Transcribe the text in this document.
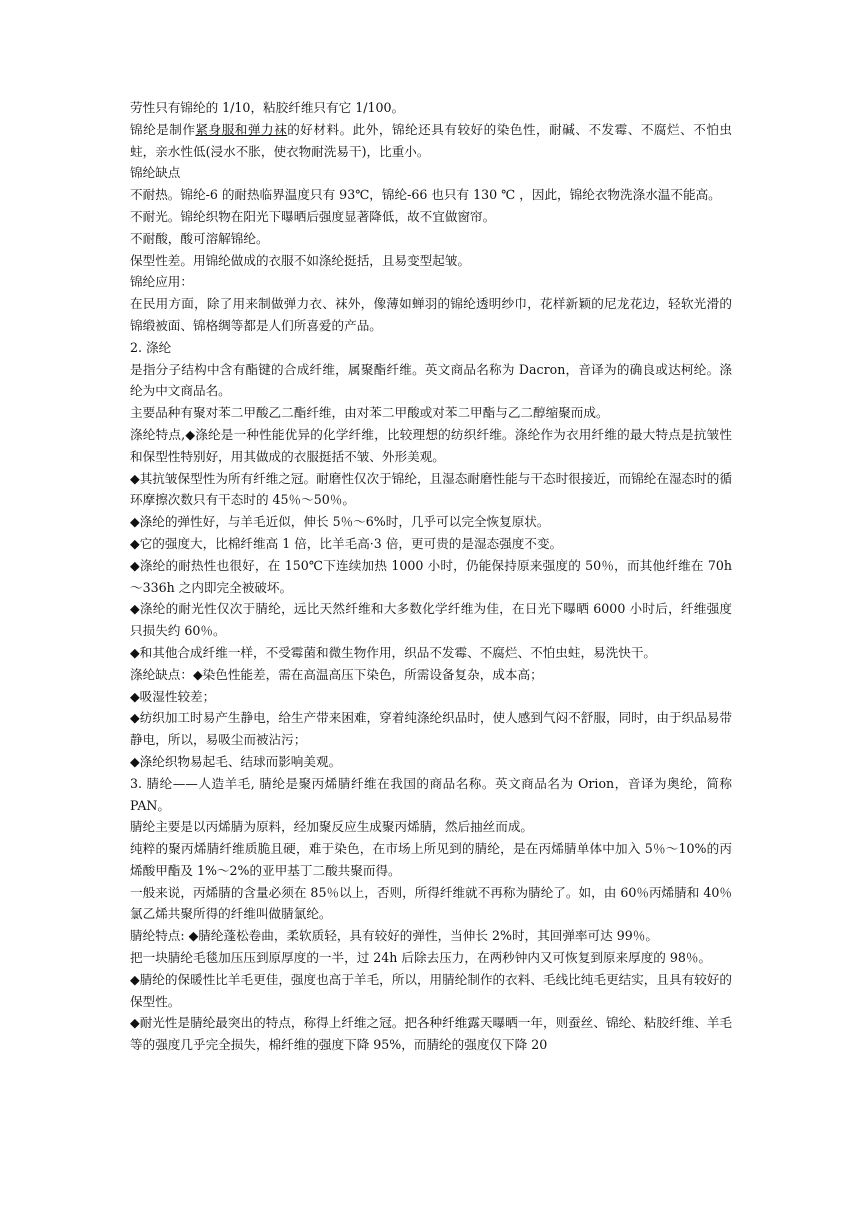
劳性只有锦纶的 1/10，粘胶纤维只有它 1/100。

锦纶是制作紧身服和弹力袜的好材料。此外，锦纶还具有较好的染色性，耐碱、不发霉、不腐烂、不怕虫蛀，亲水性低(浸水不胀，使衣物耐洗易干)，比重小。

锦纶缺点

不耐热。锦纶-6 的耐热临界温度只有 93℃，锦纶-66 也只有 130 ℃ ，因此，锦纶衣物洗涤水温不能高。

不耐光。锦纶织物在阳光下曝晒后强度显著降低，故不宜做窗帘。

不耐酸，酸可溶解锦纶。

保型性差。用锦纶做成的衣服不如涤纶挺括，且易变型起皱。

锦纶应用：

在民用方面，除了用来制做弹力衣、袜外，像薄如蝉羽的锦纶透明纱巾，花样新颖的尼龙花边，轻软光滑的锦缎被面、锦格绸等都是人们所喜爱的产品。

2. 涤纶

是指分子结构中含有酯键的合成纤维，属聚酯纤维。英文商品名称为 Dacron，音译为的确良或达柯纶。涤纶为中文商品名。

主要品种有聚对苯二甲酸乙二酯纤维，由对苯二甲酸或对苯二甲酯与乙二醇缩聚而成。

涤纶特点,◆涤纶是一种性能优异的化学纤维，比较理想的纺织纤维。涤纶作为衣用纤维的最大特点是抗皱性和保型性特别好，用其做成的衣服挺括不皱、外形美观。

◆其抗皱保型性为所有纤维之冠。耐磨性仅次于锦纶，且湿态耐磨性能与干态时很接近，而锦纶在湿态时的循环摩擦次数只有干态时的 45％～50％。

◆涤纶的弹性好，与羊毛近似，伸长 5％～6%时，几乎可以完全恢复原状。

◆它的强度大，比棉纤维高 1 倍，比羊毛高·3 倍，更可贵的是湿态强度不变。

◆涤纶的耐热性也很好，在 150℃下连续加热 1000 小时，仍能保持原来强度的 50％，而其他纤维在 70h～336h 之内即完全被破坏。

◆涤纶的耐光性仅次于腈纶，远比天然纤维和大多数化学纤维为佳，在日光下曝晒 6000 小时后，纤维强度只损失约 60％。

◆和其他合成纤维一样，不受霉菌和微生物作用，织品不发霉、不腐烂、不怕虫蛀，易洗快干。

涤纶缺点：◆染色性能差，需在高温高压下染色，所需设备复杂，成本高；

◆吸湿性较差；

◆纺织加工时易产生静电，给生产带来困难，穿着纯涤纶织品时，使人感到气闷不舒服，同时，由于织品易带静电，所以，易吸尘而被沾污；

◆涤纶织物易起毛、结球而影响美观。

3. 腈纶——人造羊毛, 腈纶是聚丙烯腈纤维在我国的商品名称。英文商品名为 Orion，音译为奥纶，简称 PAN。

腈纶主要是以丙烯腈为原料，经加聚反应生成聚丙烯腈，然后抽丝而成。

纯粹的聚丙烯腈纤维质脆且硬，难于染色，在市场上所见到的腈纶，是在丙烯腈单体中加入 5％～10%的丙烯酸甲酯及 1%～2%的亚甲基丁二酸共聚而得。

一般来说，丙烯腈的含量必须在 85％以上，否则，所得纤维就不再称为腈纶了。如，由 60％丙烯腈和 40％氯乙烯共聚所得的纤维叫做腈氯纶。

腈纶特点: ◆腈纶蓬松卷曲，柔软质轻，具有较好的弹性，当伸长 2%时，其回弹率可达 99％。

把一块腈纶毛毯加压压到原厚度的一半，过 24h 后除去压力，在两秒钟内又可恢复到原来厚度的 98％。

◆腈纶的保暖性比羊毛更佳，强度也高于羊毛，所以，用腈纶制作的衣料、毛线比纯毛更结实，且具有较好的保型性。

◆耐光性是腈纶最突出的特点，称得上纤维之冠。把各种纤维露天曝晒一年，则蚕丝、锦纶、粘胶纤维、羊毛等的强度几乎完全损失，棉纤维的强度下降 95%，而腈纶的强度仅下降 20
